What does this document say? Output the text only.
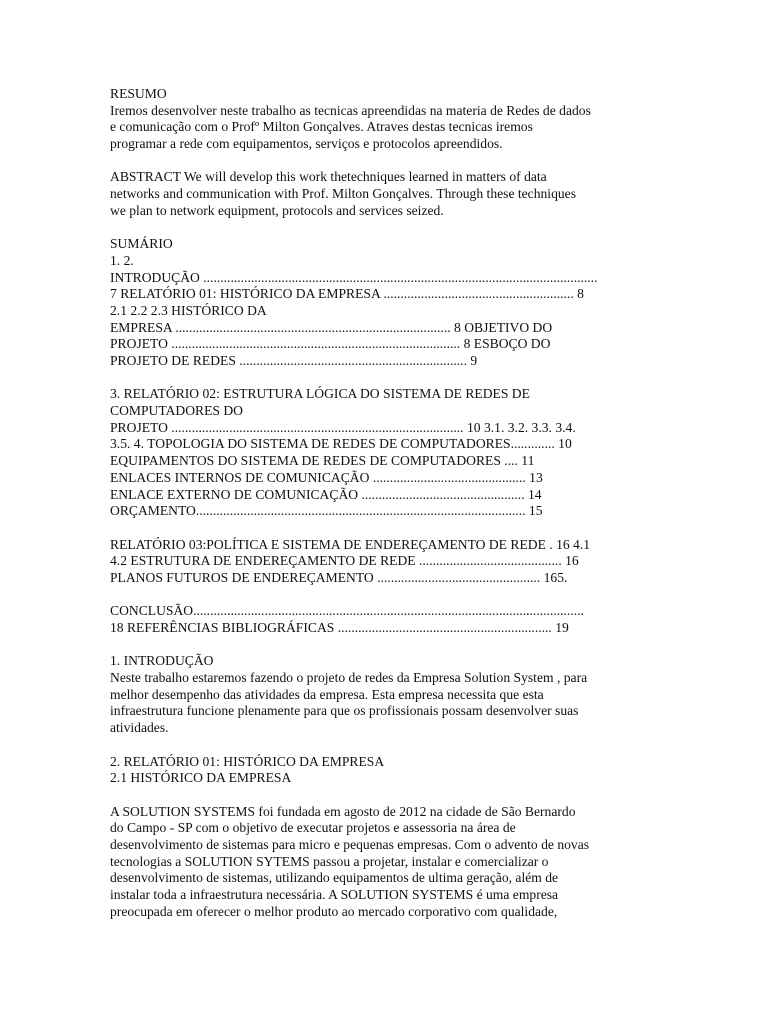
RESUMO
Iremos desenvolver neste trabalho as tecnicas apreendidas na materia de Redes de dados
e comunicação com o Profº Milton Gonçalves. Atraves destas tecnicas iremos
programar a rede com equipamentos, serviços e protocolos apreendidos.
ABSTRACT We will develop this work thetechniques learned in matters of data
networks and communication with Prof. Milton Gonçalves. Through these techniques
we plan to network equipment, protocols and services seized.
SUMÁRIO
1. 2.
INTRODUÇÃO ....................................................................................................................
7 RELATÓRIO 01: HISTÓRICO DA EMPRESA ........................................................ 8
2.1 2.2 2.3 HISTÓRICO DA
EMPRESA ................................................................................. 8 OBJETIVO DO
PROJETO ..................................................................................... 8 ESBOÇO DO
PROJETO DE REDES ................................................................... 9
3. RELATÓRIO 02: ESTRUTURA LÓGICA DO SISTEMA DE REDES DE
COMPUTADORES DO
PROJETO ...................................................................................... 10 3.1. 3.2. 3.3. 3.4.
3.5. 4. TOPOLOGIA DO SISTEMA DE REDES DE COMPUTADORES............. 10
EQUIPAMENTOS DO SISTEMA DE REDES DE COMPUTADORES .... 11
ENLACES INTERNOS DE COMUNICAÇÃO ............................................. 13
ENLACE EXTERNO DE COMUNICAÇÃO ................................................ 14
ORÇAMENTO................................................................................................. 15
RELATÓRIO 03:POLÍTICA E SISTEMA DE ENDEREÇAMENTO DE REDE . 16 4.1
4.2 ESTRUTURA DE ENDEREÇAMENTO DE REDE .......................................... 16
PLANOS FUTUROS DE ENDEREÇAMENTO ................................................ 165.
CONCLUSÃO...................................................................................................................
18 REFERÊNCIAS BIBLIOGRÁFICAS ............................................................... 19
1. INTRODUÇÃO
Neste trabalho estaremos fazendo o projeto de redes da Empresa Solution System , para
melhor desempenho das atividades da empresa. Esta empresa necessita que esta
infraestrutura funcione plenamente para que os profissionais possam desenvolver suas
atividades.
2. RELATÓRIO 01: HISTÓRICO DA EMPRESA
2.1 HISTÓRICO DA EMPRESA
A SOLUTION SYSTEMS foi fundada em agosto de 2012 na cidade de São Bernardo
do Campo - SP com o objetivo de executar projetos e assessoria na área de
desenvolvimento de sistemas para micro e pequenas empresas. Com o advento de novas
tecnologias a SOLUTION SYTEMS passou a projetar, instalar e comercializar o
desenvolvimento de sistemas, utilizando equipamentos de ultima geração, além de
instalar toda a infraestrutura necessária. A SOLUTION SYSTEMS é uma empresa
preocupada em oferecer o melhor produto ao mercado corporativo com qualidade,
